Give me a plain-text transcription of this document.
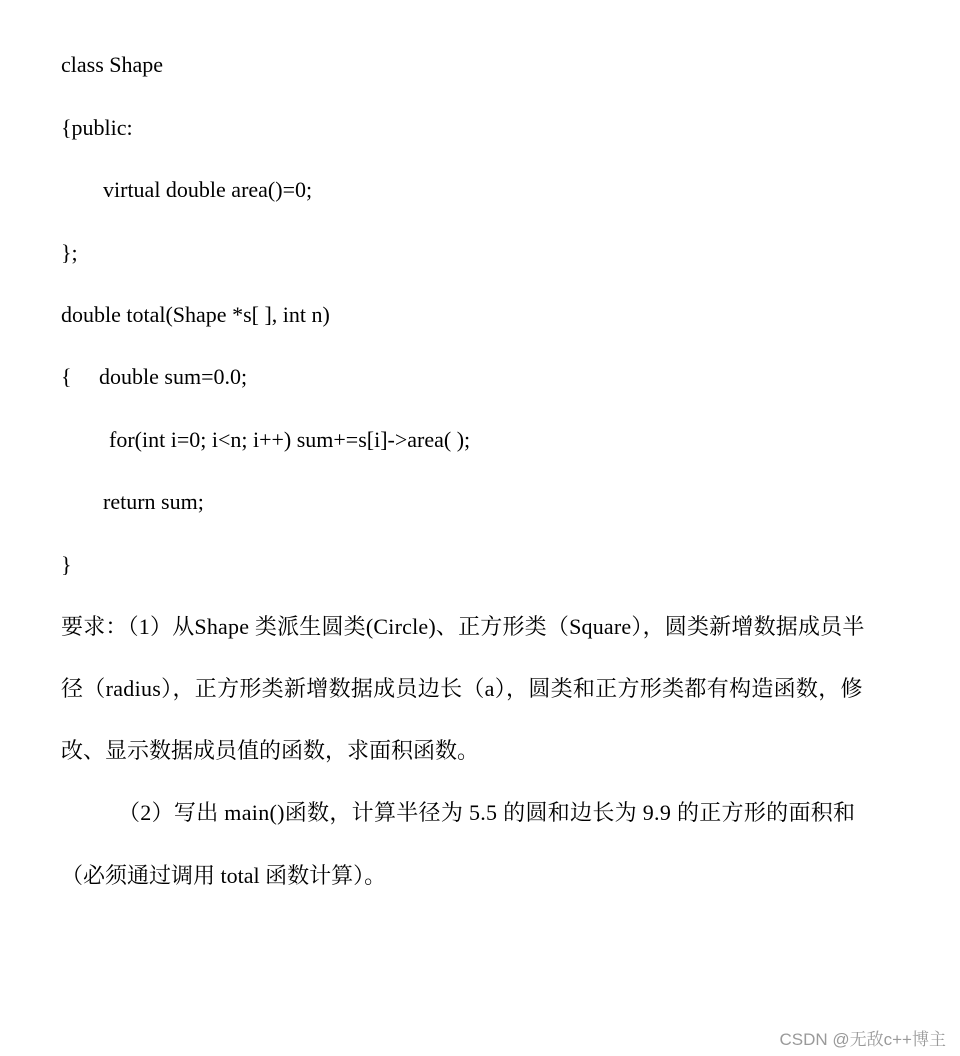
class Shape
{public:
virtual double area()=0;
};
double total(Shape *s[ ], int n)
{     double sum=0.0;
for(int i=0; i<n; i++) sum+=s[i]->area( );
return sum;
}
要求：（1）从Shape 类派生圆类(Circle)、正方形类（Square），圆类新增数据成员半
径（radius），正方形类新增数据成员边长（a），圆类和正方形类都有构造函数，修
改、显示数据成员值的函数，求面积函数。
（2）写出 main()函数，计算半径为 5.5 的圆和边长为 9.9 的正方形的面积和
（必须通过调用 total 函数计算）。
CSDN @无敌c++博主
